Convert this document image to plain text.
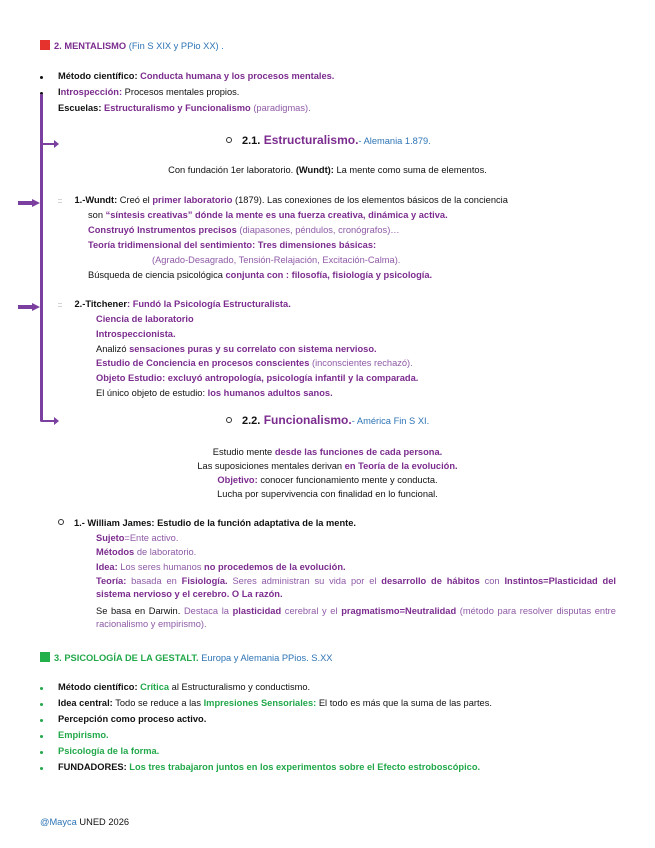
2. MENTALISMO (Fin S XIX y PPio XX) .
Método científico: Conducta humana y los procesos mentales.
Introspección: Procesos mentales propios.
Escuelas: Estructuralismo y Funcionalismo (paradigmas).
2.1. Estructuralismo.- Alemania 1.879.
Con fundación 1er laboratorio. (Wundt): La mente como suma de elementos.
:: 1.-Wundt: Creó el primer laboratorio (1879). Las conexiones de los elementos básicos de la conciencia
son “síntesis creativas” dónde la mente es una fuerza creativa, dinámica y activa.
Construyó Instrumentos precisos (diapasones, péndulos, cronógrafos)…
Teoría tridimensional del sentimiento: Tres dimensiones básicas:
(Agrado-Desagrado, Tensión-Relajación, Excitación-Calma).
Búsqueda de ciencia psicológica conjunta con : filosofía, fisiología y psicología.
:: 2.-Titchener: Fundó la Psicología Estructuralista.
Ciencia de laboratorio
Introspeccionista.
Analizó sensaciones puras y su correlato con sistema nervioso.
Estudio de Conciencia en procesos conscientes (inconscientes rechazó).
Objeto Estudio: excluyó antropología, psicología infantil y la comparada.
El único objeto de estudio: los humanos adultos sanos.
2.2. Funcionalismo.- América Fin S XI.
Estudio mente desde las funciones de cada persona.
Las suposiciones mentales derivan en Teoría de la evolución.
Objetivo: conocer funcionamiento mente y conducta.
Lucha por supervivencia con finalidad en lo funcional.
1.- William James: Estudio de la función adaptativa de la mente.
Sujeto=Ente activo.
Métodos de laboratorio.
Idea: Los seres humanos no procedemos de la evolución.
Teoría: basada en Fisiología. Seres administran su vida por el desarrollo de hábitos con Instintos=Plasticidad del sistema nervioso y el cerebro. O La razón.
Se basa en Darwin. Destaca la plasticidad cerebral y el pragmatismo=Neutralidad (método para resolver disputas entre racionalismo y empirismo).
3. PSICOLOGÍA DE LA GESTALT. Europa y Alemania PPios. S.XX
Método científico: Crítica al Estructuralismo y conductismo.
Idea central: Todo se reduce a las Impresiones Sensoriales: El todo es más que la suma de las partes.
Percepción como proceso activo.
Empirismo.
Psicología de la forma.
FUNDADORES: Los tres trabajaron juntos en los experimentos sobre el Efecto estroboscópico.
@Mayca UNED 2026
